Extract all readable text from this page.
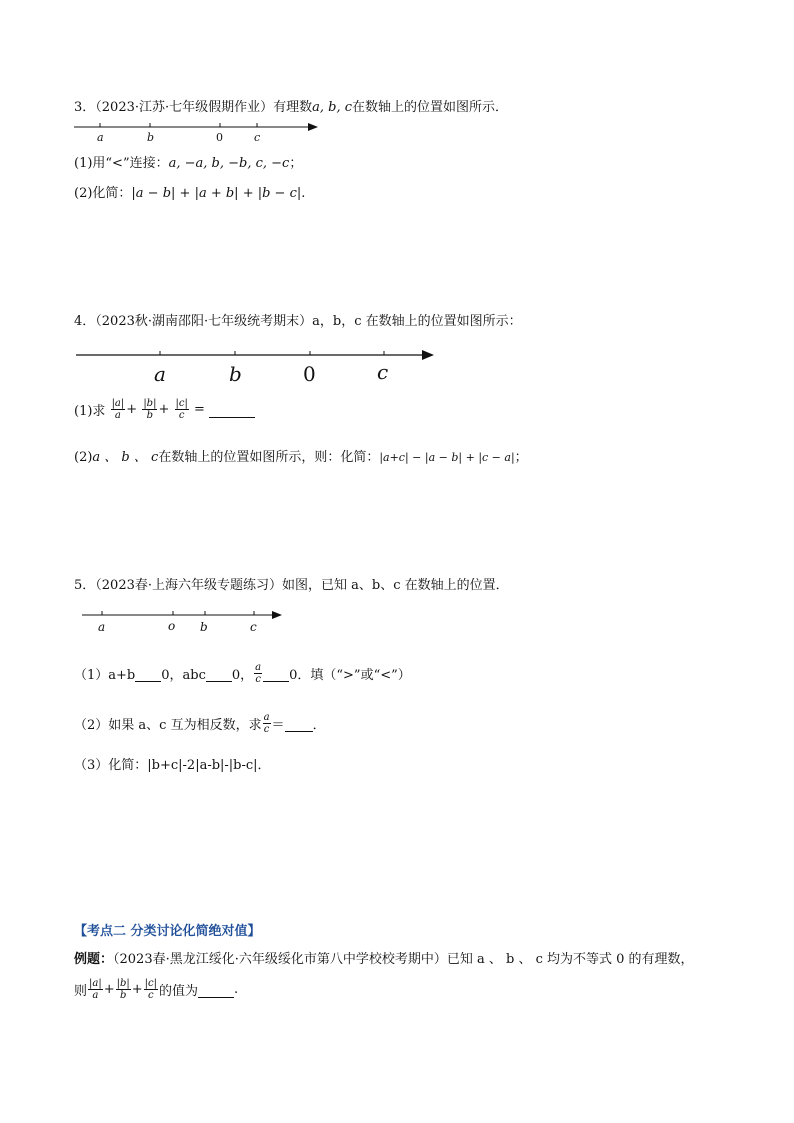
3．（2023·江苏·七年级假期作业）有理数a, b, c在数轴上的位置如图所示．
a	b	0	c
(1)用“<”连接：a, −a, b, −b, c, −c；
(2)化简：|a − b| + |a + b| + |b − c|.
4．（2023秋·湖南邵阳·七年级统考期末）a，b，c 在数轴上的位置如图所示：
a	b	0	c
(1)求 $\frac{|a|}{a} + \frac{|b|}{b} + \frac{|c|}{c}$ =
(2)a 、 b 、 c在数轴上的位置如图所示，则：化简：|a+c| − |a − b| + |c − a|；
5．（2023春·上海六年级专题练习）如图，已知 a、b、c 在数轴上的位置．
a	o b	c
（1）a+b 0，abc 0， $\frac{a}{c} 0$．填（“>”或“<”）
（2）如果 a、c 互为相反数，求 $\frac{a}{c}$ ＝ ．
（3）化简：|b+c|-2|a-b|-|b-c|．
【考点二 分类讨论化简绝对值】
例题：（2023春·黑龙江绥化·六年级绥化市第八中学校校考期中）已知 a 、 b 、 c 均为不等式 0 的有理数，
则 $\frac{|a|}{a} + \frac{|b|}{b} + \frac{|c|}{c}$ 的值为	.
